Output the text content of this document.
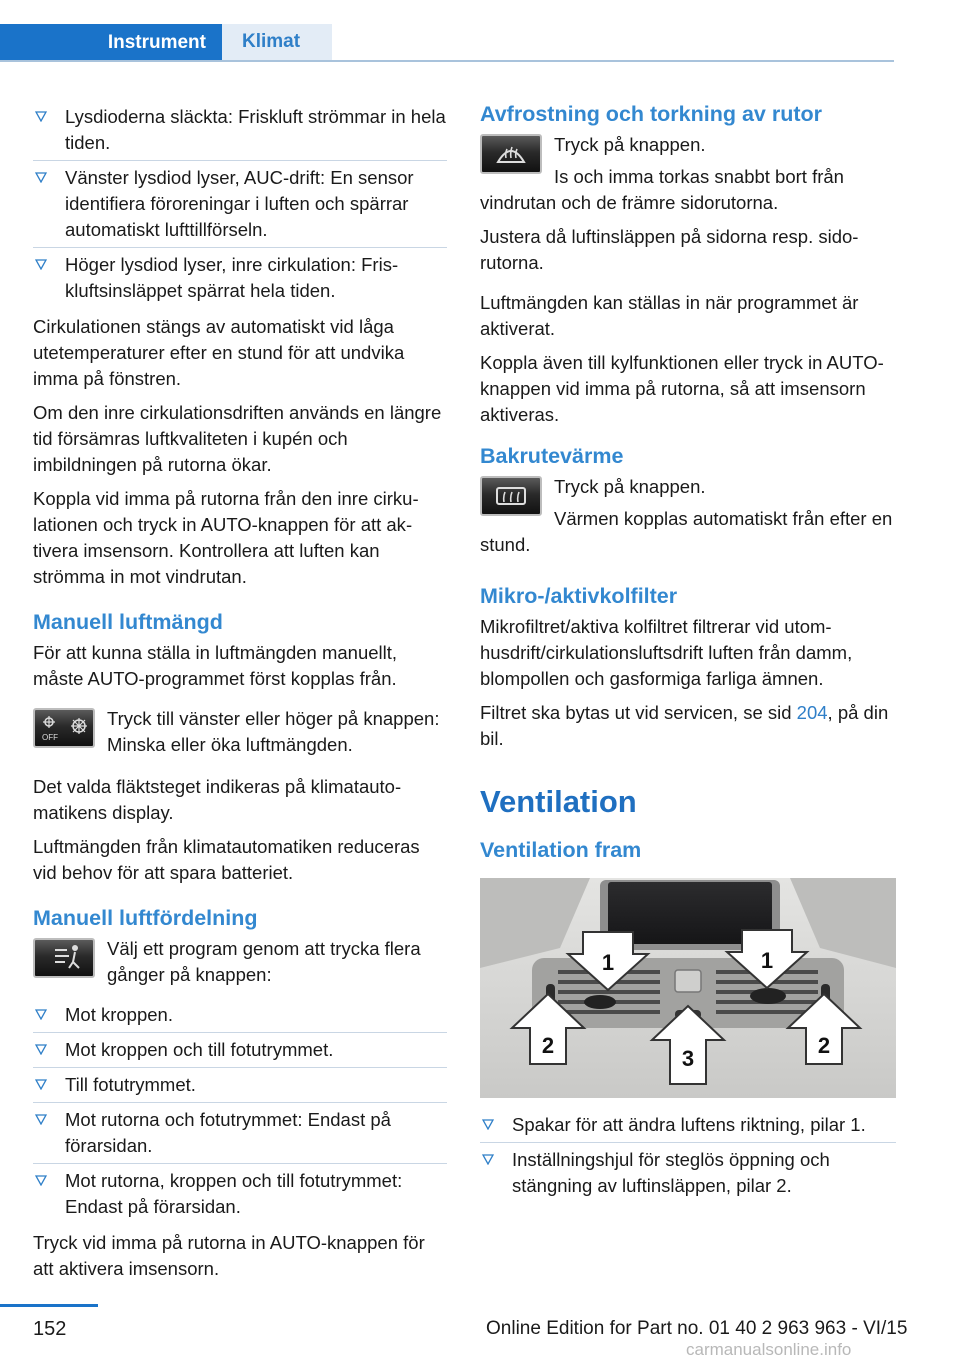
Instrument	Klimat
Lysdioderna släckta: Friskluft strömmar in hela tiden.
Vänster lysdiod lyser, AUC-drift: En sensor identifiera föroreningar i luften och spärrar automatiskt lufttillförseln.
Höger lysdiod lyser, inre cirkulation: Friskluftsinsläppet spärrat hela tiden.

Cirkulationen stängs av automatiskt vid låga utetemperaturer efter en stund för att undvika imma på fönstren.

Om den inre cirkulationsdriften används en längre tid försämras luftkvaliteten i kupén och imbildningen på rutorna ökar.

Koppla vid imma på rutorna från den inre cirkulationen och tryck in AUTO-knappen för att aktivera imsensorn. Kontrollera att luften kan strömma in mot vindrutan.

Manuell luftmängd

För att kunna ställa in luftmängden manuellt, måste AUTO-programmet först kopplas från.

OFF

Tryck till vänster eller höger på knappen: Minska eller öka luftmängden.

Det valda fläktsteget indikeras på klimatautomatikens display.

Luftmängden från klimatautomatiken reduceras vid behov för att spara batteriet.

Manuell luftfördelning

Välj ett program genom att trycka flera gånger på knappen:

Mot kroppen.
Mot kroppen och till fotutrymmet.
Till fotutrymmet.
Mot rutorna och fotutrymmet: Endast på förarsidan.
Mot rutorna, kroppen och till fotutrymmet: Endast på förarsidan.

Tryck vid imma på rutorna in AUTO-knappen för att aktivera imsensorn.

Avfrostning och torkning av rutor

Tryck på knappen.

Is och imma torkas snabbt bort från vindrutan och de främre sidorutorna.

Justera då luftinsläppen på sidorna resp. sidorutorna.

Luftmängden kan ställas in när programmet är aktiverat.

Koppla även till kylfunktionen eller tryck in AUTO-knappen vid imma på rutorna, så att imsensorn aktiveras.

Bakrutevärme

Tryck på knappen.

Värmen kopplas automatiskt från efter en stund.

Mikro-/aktivkolfilter

Mikrofiltret/aktiva kolfiltret filtrerar vid utomhusdrift/cirkulationsluftsdrift luften från damm, blompollen och gasformiga farliga ämnen.

Filtret ska bytas ut vid servicen, se sid 204, på din bil.

Ventilation
Ventilation fram
1	1
2
3
2
Spakar för att ändra luftens riktning, pilar 1.
Inställningshjul för steglös öppning och stängning av luftinsläppen, pilar 2.
152	Online Edition for Part no. 01 40 2 963 963 - VI/15
carmanualsonline.info
